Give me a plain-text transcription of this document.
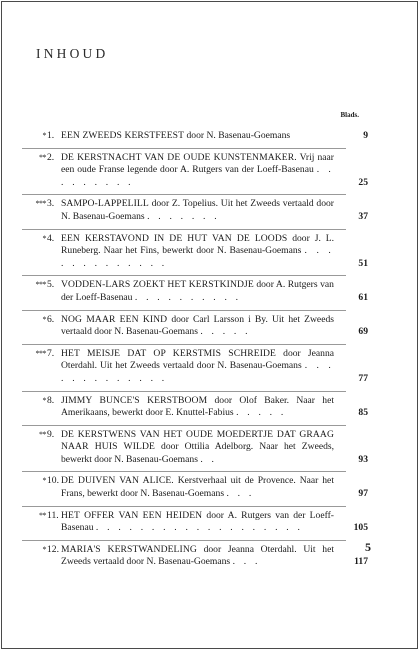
INHOUD
Blads.
* 1. EEN ZWEEDS KERSTFEEST door N. Basenau-Goemans	9
** 2. DE KERSTNACHT VAN DE OUDE KUNSTENMAKER. Vrij naar een oude Franse legende door A. Rutgers van der Loeff-Basenau . . . . . . . . .	25
*** 3. SAMPO-LAPPELILL door Z. Topelius. Uit het Zweeds vertaald door N. Basenau-Goemans . . . . . . .	37
* 4. EEN KERSTAVOND IN DE HUT VAN DE LOODS door J. L. Runeberg. Naar het Fins, bewerkt door N. Basenau-Goemans . . . . . . . . . . . . .	51
*** 5. VODDEN-LARS ZOEKT HET KERSTKINDJE door A. Rutgers van der Loeff-Basenau . . . . . . . . . .	61
* 6. NOG MAAR EEN KIND door Carl Larsson i By. Uit het Zweeds vertaald door N. Basenau-Goemans . . . . .	69
*** 7. HET MEISJE DAT OP KERSTMIS SCHREIDE door Jeanna Oterdahl. Uit het Zweeds vertaald door N. Basenau-Goemans . . . . . . . . . . . . .	77
* 8. JIMMY BUNCE'S KERSTBOOM door Olof Baker. Naar het Amerikaans, bewerkt door E. Knuttel-Fabius . . . . .	85
** 9. DE KERSTWENS VAN HET OUDE MOEDERTJE DAT GRAAG NAAR HUIS WILDE door Ottilia Adelborg. Naar het Zweeds, bewerkt door N. Basenau-Goemans . .	93
* 10. DE DUIVEN VAN ALICE. Kerstverhaal uit de Provence. Naar het Frans, bewerkt door N. Basenau-Goemans . . .	97
** 11. HET OFFER VAN EEN HEIDEN door A. Rutgers van der Loeff-Basenau . . . . . . . . . . . . . . . . . . .	105
* 12. MARIA'S KERSTWANDELING door Jeanna Oterdahl. Uit het Zweeds vertaald door N. Basenau-Goemans . . .	117
5
